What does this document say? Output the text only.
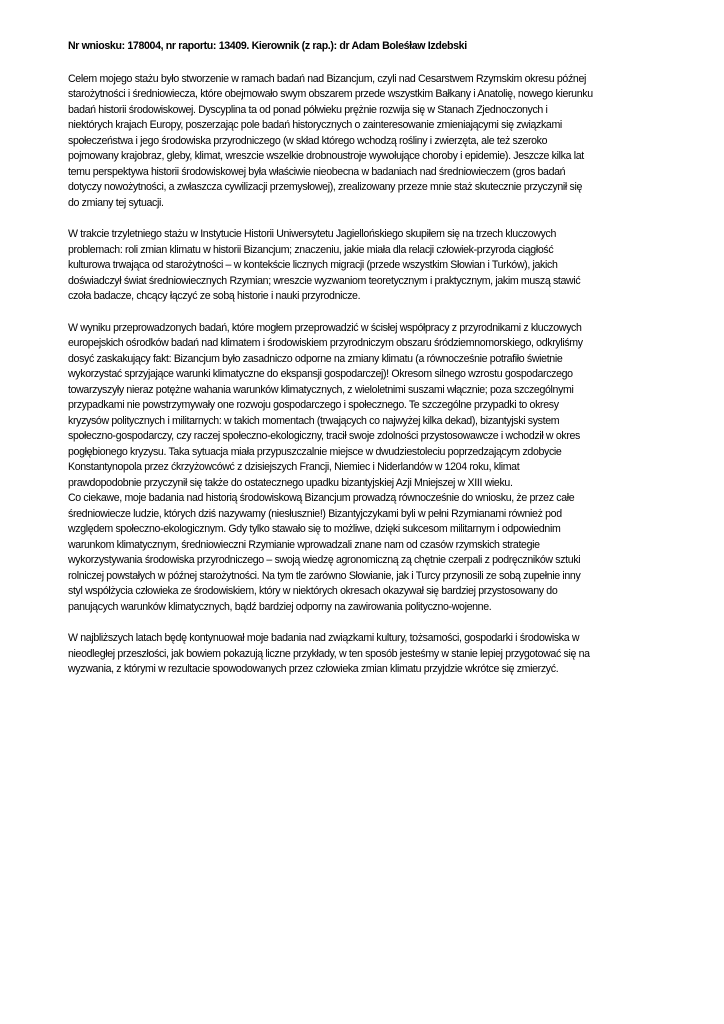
Nr wniosku: 178004, nr raportu: 13409. Kierownik (z rap.): dr Adam Boleśław Izdebski

Celem mojego stażu było stworzenie w ramach badań nad Bizancjum, czyli nad Cesarstwem Rzymskim okresu późnej
starożytności i średniowiecza, które obejmowało swym obszarem przede wszystkim Bałkany i Anatolię, nowego kierunku
badań historii środowiskowej. Dyscyplina ta od ponad półwieku prężnie rozwija się w Stanach Zjednoczonych i
niektórych krajach Europy, poszerzając pole badań historycznych o zainteresowanie zmieniającymi się związkami
społeczeństwa i jego środowiska przyrodniczego (w skład którego wchodzą rośliny i zwierzęta, ale też szeroko
pojmowany krajobraz, gleby, klimat, wreszcie wszelkie drobnoustroje wywołujące choroby i epidemie). Jeszcze kilka lat
temu perspektywa historii środowiskowej była właściwie nieobecna w badaniach nad średniowieczem (gros badań
dotyczy nowożytności, a zwłaszcza cywilizacji przemysłowej), zrealizowany przeze mnie staż skutecznie przyczynił się
do zmiany tej sytuacji.

W trakcie trzyletniego stażu w Instytucie Historii Uniwersytetu Jagiellońskiego skupiłem się na trzech kluczowych
problemach: roli zmian klimatu w historii Bizancjum; znaczeniu, jakie miała dla relacji człowiek-przyroda ciągłość
kulturowa trwająca od starożytności – w kontekście licznych migracji (przede wszystkim Słowian i Turków), jakich
doświadczył świat średniowiecznych Rzymian; wreszcie wyzwaniom teoretycznym i praktycznym, jakim muszą stawić
czoła badacze, chcący łączyć ze sobą historie i nauki przyrodnicze.

W wyniku przeprowadzonych badań, które mogłem przeprowadzić w ścisłej współpracy z przyrodnikami z kluczowych
europejskich ośrodków badań nad klimatem i środowiskiem przyrodniczym obszaru śródziemnomorskiego, odkryliśmy
dosyć zaskakujący fakt: Bizancjum było zasadniczo odporne na zmiany klimatu (a równocześnie potrafiło świetnie
wykorzystać sprzyjające warunki klimatyczne do ekspansji gospodarczej)! Okresom silnego wzrostu gospodarczego
towarzyszyły nieraz potężne wahania warunków klimatycznych, z wieloletnimi suszami włącznie; poza szczególnymi
przypadkami nie powstrzymywały one rozwoju gospodarczego i społecznego. Te szczególne przypadki to okresy
kryzysów politycznych i militarnych: w takich momentach (trwających co najwyżej kilka dekad), bizantyjski system
społeczno-gospodarczy, czy raczej społeczno-ekologiczny, tracił swoje zdolności przystosowawcze i wchodził w okres
pogłębionego kryzysu. Taka sytuacja miała przypuszczalnie miejsce w dwudziestoleciu poprzedzającym zdobycie
Konstantynopola przez ćkrzyżowcówć z dzisiejszych Francji, Niemiec i Niderlandów w 1204 roku, klimat
prawdopodobnie przyczynił się także do ostatecznego upadku bizantyjskiej Azji Mniejszej w XIII wieku.

Co ciekawe, moje badania nad historią środowiskową Bizancjum prowadzą równocześnie do wniosku, że przez całe
średniowiecze ludzie, których dziś nazywamy (niesłusznie!) Bizantyjczykami byli w pełni Rzymianami również pod
względem społeczno-ekologicznym. Gdy tylko stawało się to możliwe, dzięki sukcesom militarnym i odpowiednim
warunkom klimatycznym, średniowieczni Rzymianie wprowadzali znane nam od czasów rzymskich strategie
wykorzystywania środowiska przyrodniczego – swoją wiedzę agronomiczną zą chętnie czerpali z podręczników sztuki
rolniczej powstałych w późnej starożytności. Na tym tle zarówno Słowianie, jak i Turcy przynosili ze sobą zupełnie inny
styl współżycia człowieka ze środowiskiem, który w niektórych okresach okazywał się bardziej przystosowany do
panujących warunków klimatycznych, bądź bardziej odporny na zawirowania polityczno-wojenne.

W najbliższych latach będę kontynuował moje badania nad związkami kultury, tożsamości, gospodarki i środowiska w
nieodległej przeszłości, jak bowiem pokazują liczne przykłady, w ten sposób jesteśmy w stanie lepiej przygotować się na
wyzwania, z którymi w rezultacie spowodowanych przez człowieka zmian klimatu przyjdzie wkrótce się zmierzyć.
